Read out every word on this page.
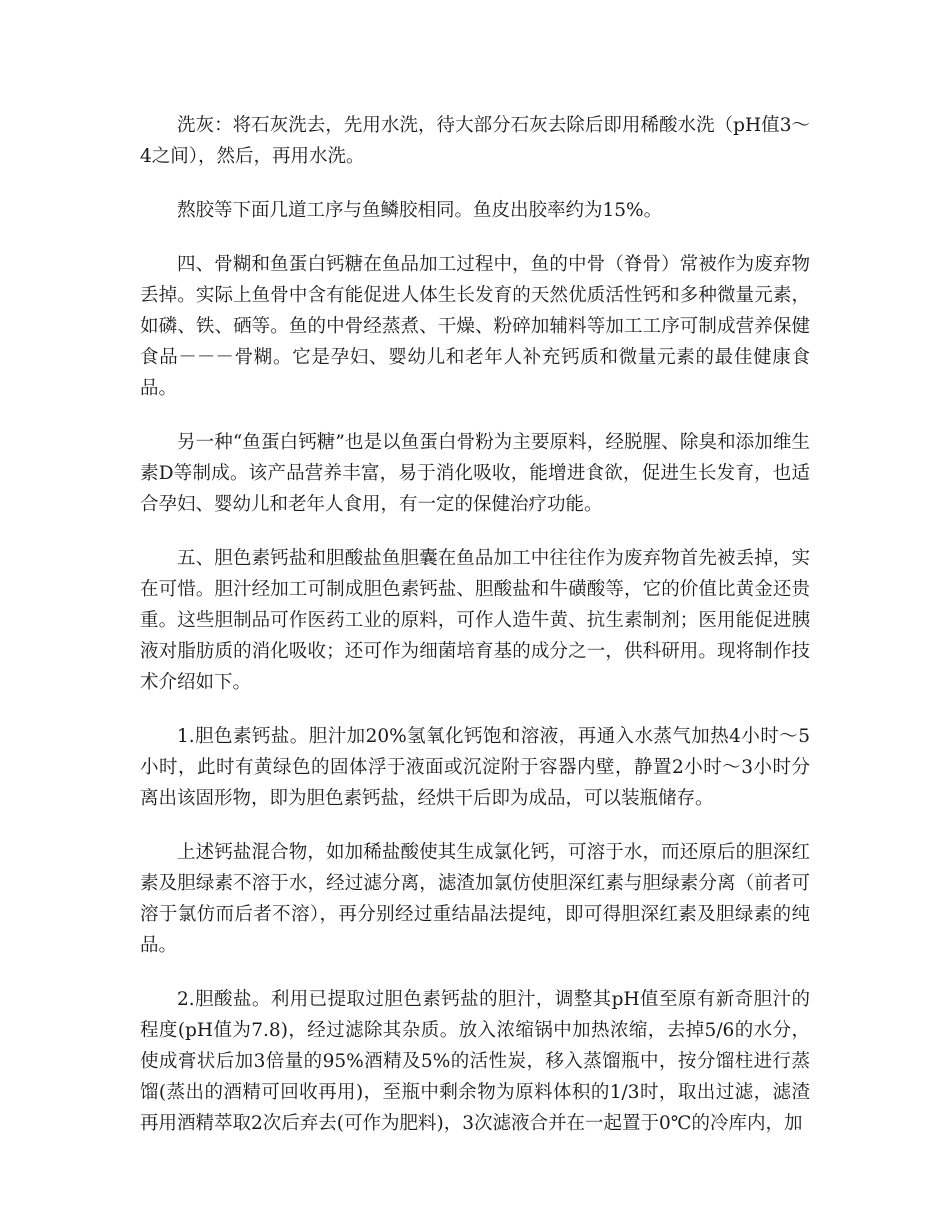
洗灰：将石灰洗去，先用水洗，待大部分石灰去除后即用稀酸水洗（pH值3～4之间），然后，再用水洗。

熬胶等下面几道工序与鱼鳞胶相同。鱼皮出胶率约为15%。

四、骨糊和鱼蛋白钙糖在鱼品加工过程中，鱼的中骨（脊骨）常被作为废弃物丢掉。实际上鱼骨中含有能促进人体生长发育的天然优质活性钙和多种微量元素，如磷、铁、硒等。鱼的中骨经蒸煮、干燥、粉碎加辅料等加工工序可制成营养保健食品－－－骨糊。它是孕妇、婴幼儿和老年人补充钙质和微量元素的最佳健康食品。

另一种“鱼蛋白钙糖”也是以鱼蛋白骨粉为主要原料，经脱腥、除臭和添加维生素D等制成。该产品营养丰富，易于消化吸收，能增进食欲，促进生长发育，也适合孕妇、婴幼儿和老年人食用，有一定的保健治疗功能。

五、胆色素钙盐和胆酸盐鱼胆囊在鱼品加工中往往作为废弃物首先被丢掉，实在可惜。胆汁经加工可制成胆色素钙盐、胆酸盐和牛磺酸等，它的价值比黄金还贵重。这些胆制品可作医药工业的原料，可作人造牛黄、抗生素制剂；医用能促进胰液对脂肪质的消化吸收；还可作为细菌培育基的成分之一，供科研用。现将制作技术介绍如下。

1.胆色素钙盐。胆汁加20%氢氧化钙饱和溶液，再通入水蒸气加热4小时～5小时，此时有黄绿色的固体浮于液面或沉淀附于容器内壁，静置2小时～3小时分离出该固形物，即为胆色素钙盐，经烘干后即为成品，可以装瓶储存。

上述钙盐混合物，如加稀盐酸使其生成氯化钙，可溶于水，而还原后的胆深红素及胆绿素不溶于水，经过滤分离，滤渣加氯仿使胆深红素与胆绿素分离（前者可溶于氯仿而后者不溶），再分别经过重结晶法提纯，即可得胆深红素及胆绿素的纯品。

2.胆酸盐。利用已提取过胆色素钙盐的胆汁，调整其pH值至原有新奇胆汁的程度(pH值为7.8)，经过滤除其杂质。放入浓缩锅中加热浓缩，去掉5/6的水分，使成膏状后加3倍量的95%酒精及5%的活性炭，移入蒸馏瓶中，按分馏柱进行蒸馏(蒸出的酒精可回收再用)，至瓶中剩余物为原料体积的1/3时，取出过滤，滤渣再用酒精萃取2次后弃去(可作为肥料)，3次滤液合并在一起置于0℃的冷库内，加
